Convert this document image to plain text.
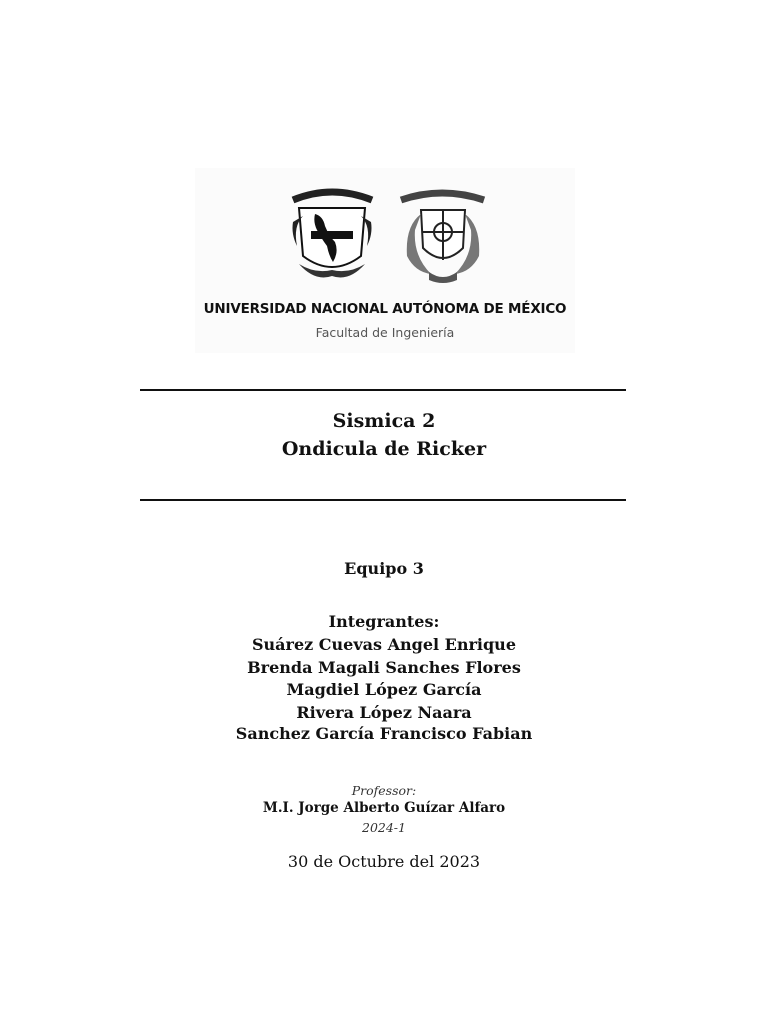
UNIVERSIDAD NACIONAL AUTÓNOMA DE MÉXICO
Facultad de Ingeniería
Sismica 2
Ondicula de Ricker
Equipo 3
Integrantes:
Suárez Cuevas Angel Enrique
Brenda Magali Sanches Flores
Magdiel López García
Rivera López Naara
Sanchez García Francisco Fabian
Professor:
M.I. Jorge Alberto Guízar Alfaro
2024-1
30 de Octubre del 2023
